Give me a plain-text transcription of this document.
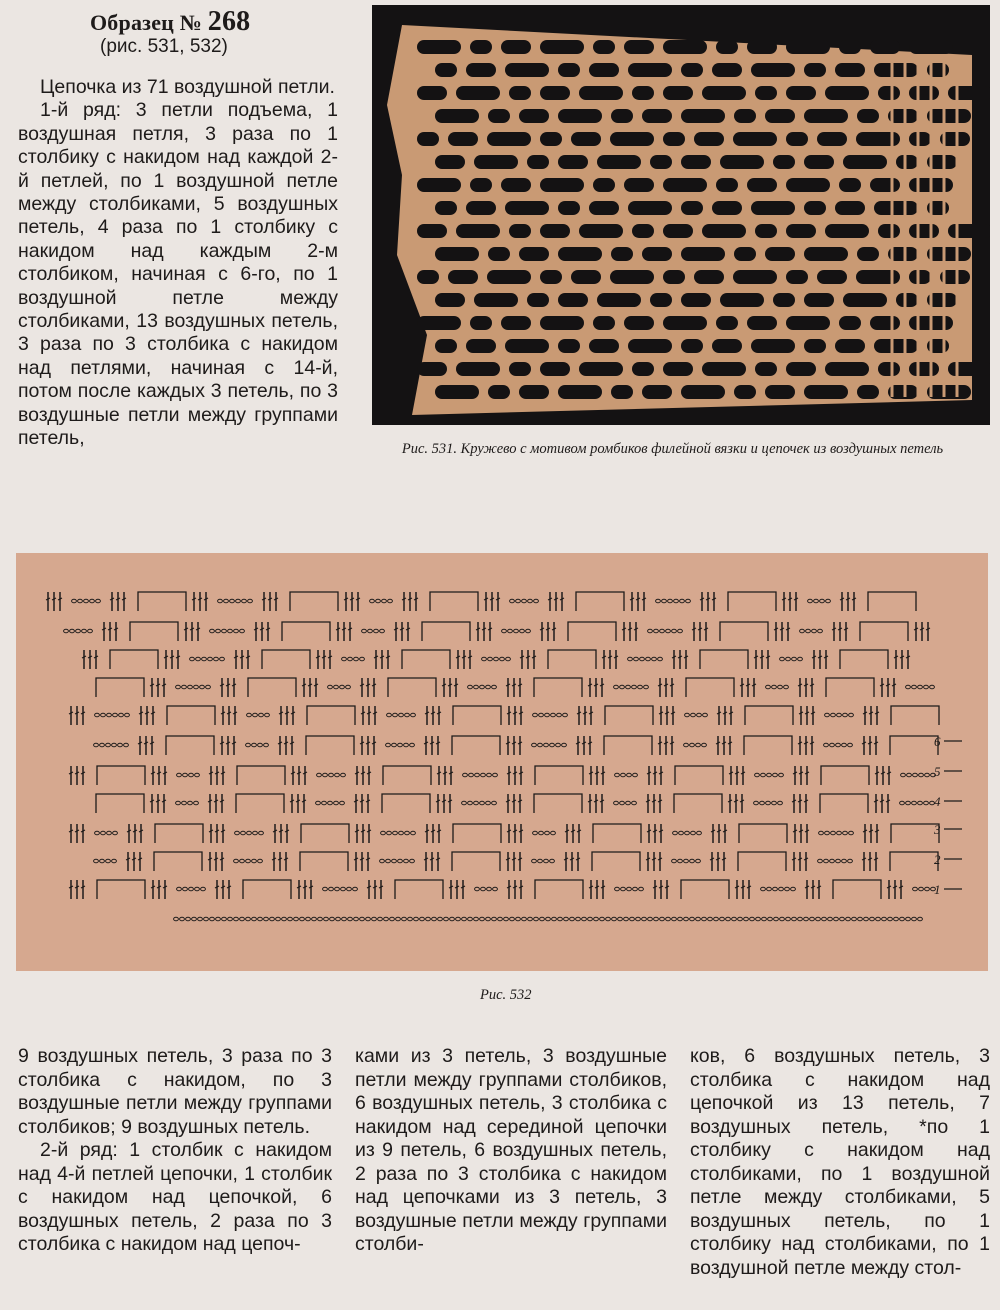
Образец № 268
(рис. 531, 532)

Цепочка из 71 воздушной петли.

1-й ряд: 3 петли подъема, 1 воздушная петля, 3 раза по 1 столбику с накидом над каждой 2-й петлей, по 1 воздушной петле между столбиками, 5 воздушных петель, 4 раза по 1 столбику с накидом над каждым 2-м столбиком, начиная с 6-го, по 1 воздушной петле между столбиками, 13 воздушных петель, 3 раза по 3 столбика с накидом над петлями, начиная с 14-й, потом после каждых 3 петель, по 3 воздушные петли между группами петель,	Рис. 531. Кружево с мотивом ромбиков филейной вязки и цепочек из воздушных петель
6
5
4
3
2
1
Рис. 532

9 воздушных петель, 3 раза по 3 столбика с накидом, по 3 воздушные петли между группами столбиков; 9 воздушных петель.

2-й ряд: 1 столбик с накидом над 4-й петлей цепочки, 1 столбик с накидом над цепочкой, 6 воздушных петель, 2 раза по 3 столбика с накидом над цепоч-

ками из 3 петель, 3 воздушные петли между группами столбиков, 6 воздушных петель, 3 столбика с накидом над серединой цепочки из 9 петель, 6 воздушных петель, 2 раза по 3 столбика с накидом над цепочками из 3 петель, 3 воздушные петли между группами столби-

ков, 6 воздушных петель, 3 столбика с накидом над цепочкой из 13 петель, 7 воздушных петель, *по 1 столбику с накидом над столбиками, по 1 воздушной петле между столбиками, 5 воздушных петель, по 1 столбику над столбиками, по 1 воздушной петле между стол-
